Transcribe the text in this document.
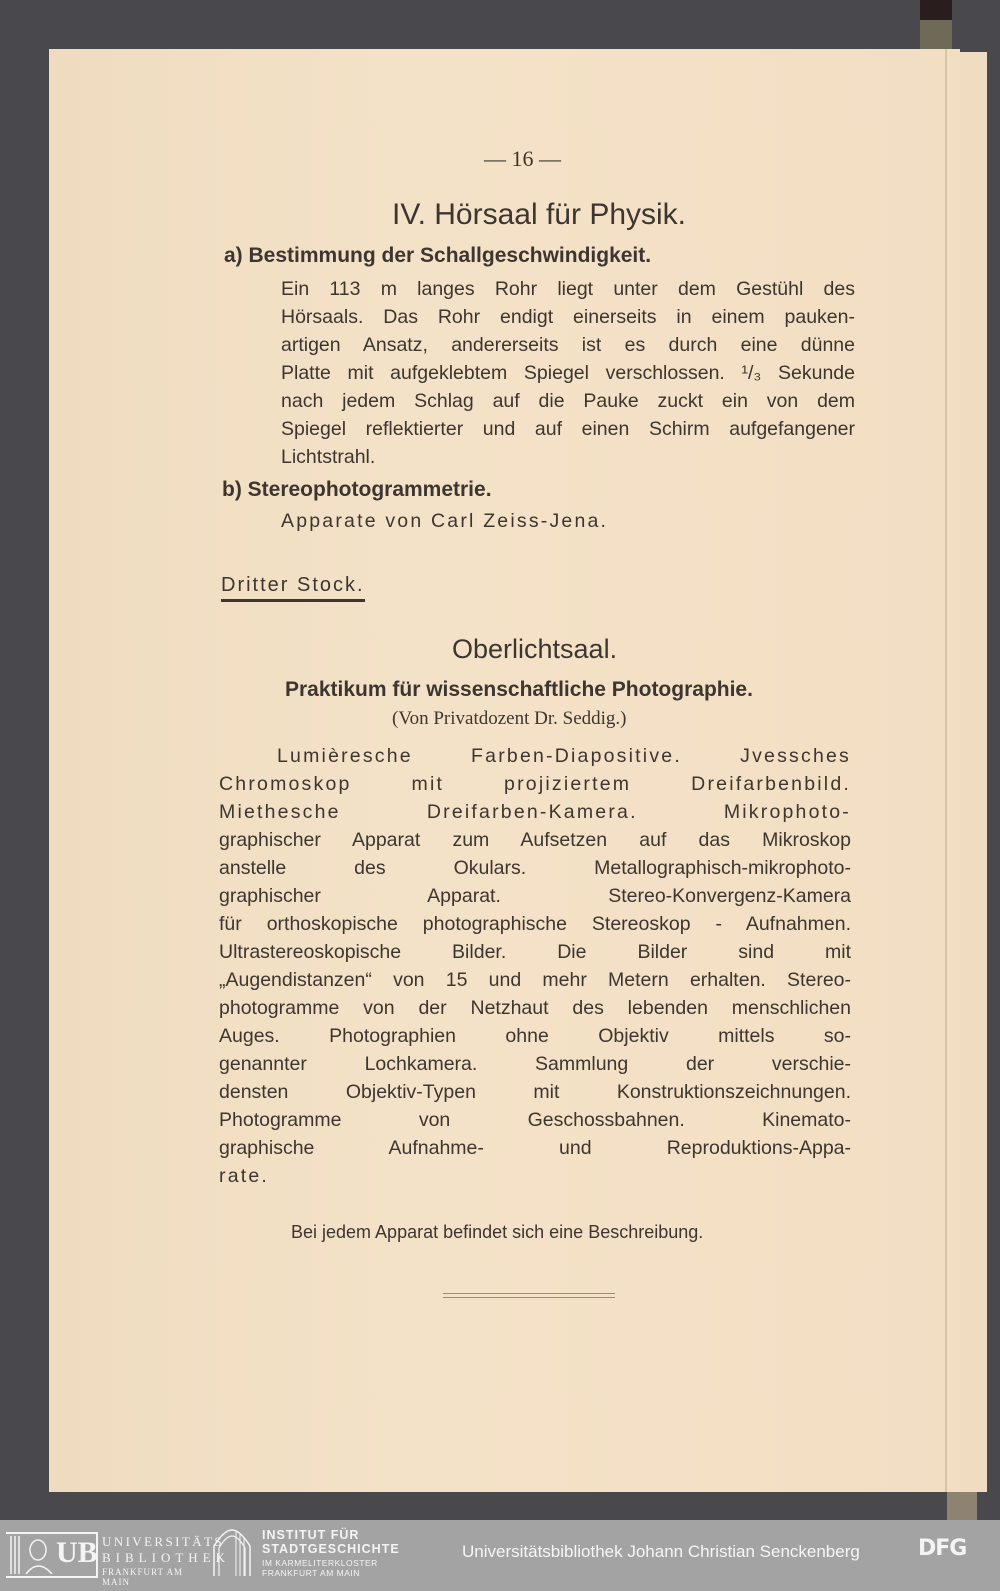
— 16 —
IV. Hörsaal für Physik.
a) Bestimmung der Schallgeschwindigkeit.
Ein 113 m langes Rohr liegt unter dem Gestühl des
Hörsaals. Das Rohr endigt einerseits in einem pauken-
artigen Ansatz, andererseits ist es durch eine dünne
Platte mit aufgeklebtem Spiegel verschlossen. ¹/₃ Sekunde
nach jedem Schlag auf die Pauke zuckt ein von dem
Spiegel reflektierter und auf einen Schirm aufgefangener
Lichtstrahl.
b) Stereophotogrammetrie.
Apparate von Carl Zeiss-Jena.
Dritter Stock.
Oberlichtsaal.
Praktikum für wissenschaftliche Photographie.
(Von Privatdozent Dr. Seddig.)
Lumièresche Farben-Diapositive. Jvessches
Chromoskop mit projiziertem Dreifarbenbild.
Miethesche Dreifarben-Kamera. Mikrophoto-
graphischer Apparat zum Aufsetzen auf das Mikroskop
anstelle des Okulars. Metallographisch-mikrophoto-
graphischer Apparat. Stereo-Konvergenz-Kamera
für orthoskopische photographische Stereoskop - Aufnahmen.
Ultrastereoskopische Bilder. Die Bilder sind mit
„Augendistanzen“ von 15 und mehr Metern erhalten. Stereo-
photogramme von der Netzhaut des lebenden menschlichen
Auges. Photographien ohne Objektiv mittels so-
genannter Lochkamera. Sammlung der verschie-
densten Objektiv-Typen mit Konstruktionszeichnungen.
Photogramme von Geschossbahnen. Kinemato-
graphische Aufnahme- und Reproduktions-Appa-
rate.
Bei jedem Apparat befindet sich eine Beschreibung.
UB UNIVERSITÄTS
BIBLIOTHEK
FRANKFURT AM MAIN
INSTITUT FÜR
STADTGESCHICHTE
IM KARMELITERKLOSTER
FRANKFURT AM MAIN
Universitätsbibliothek Johann Christian Senckenberg	DFG
